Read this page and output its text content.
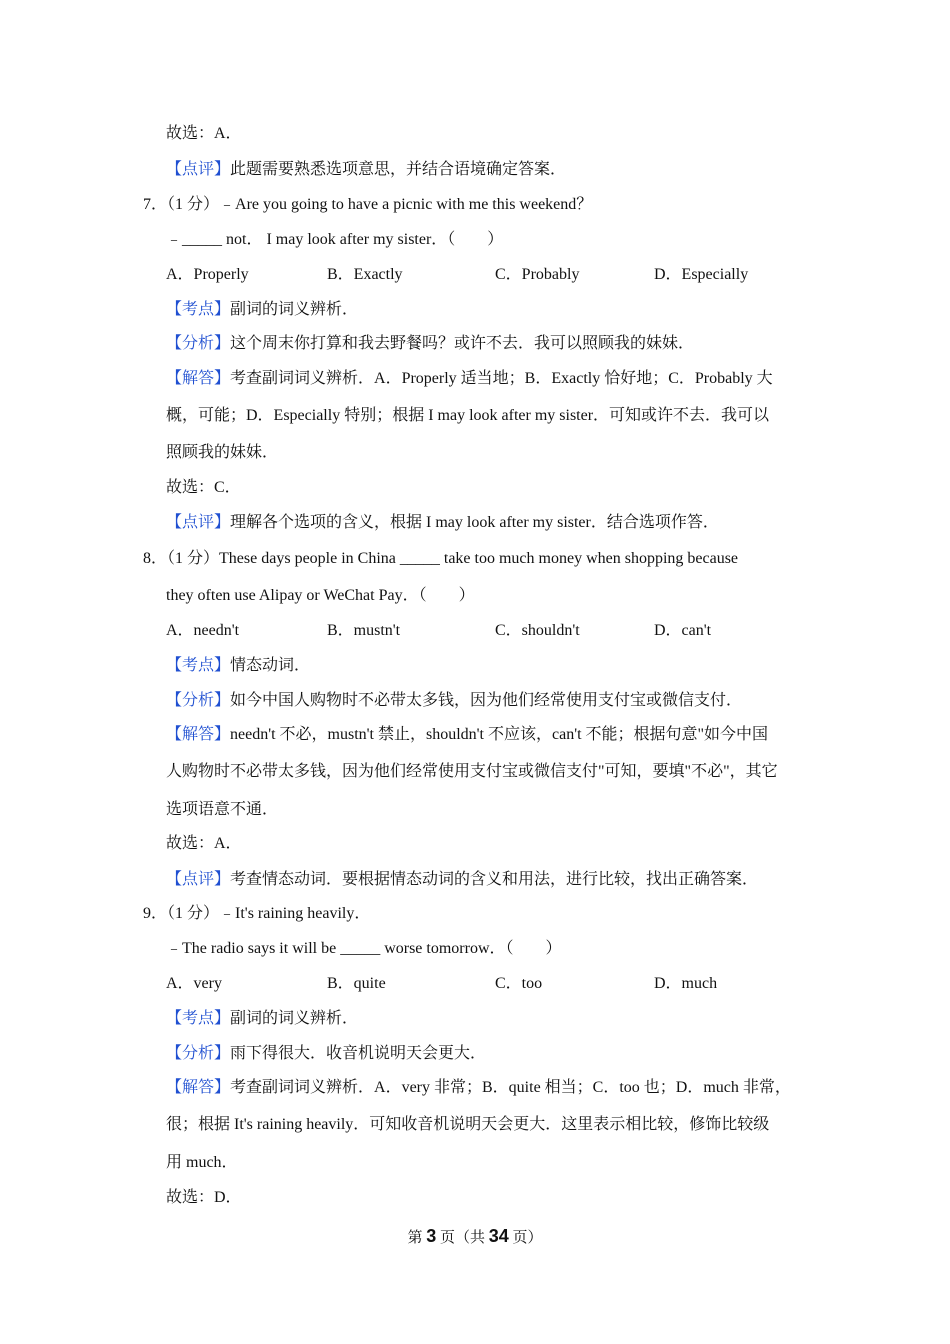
故选：A．
【点评】此题需要熟悉选项意思，并结合语境确定答案．
7．（1 分）﹣Are you going to have a picnic with me this weekend？
﹣_____ not． I may look after my sister．（　　）
A．Properly	B．Exactly	C．Probably	D．Especially
【考点】副词的词义辨析．
【分析】这个周末你打算和我去野餐吗？或许不去．我可以照顾我的妹妹．
【解答】考查副词词义辨析．A．Properly 适当地；B．Exactly 恰好地；C．Probably 大
概，可能；D．Especially 特别；根据 I may look after my sister．可知或许不去．我可以
照顾我的妹妹．
故选：C．
【点评】理解各个选项的含义，根据 I may look after my sister．结合选项作答．
8．（1 分）These days people in China _____ take too much money when shopping because
they often use Alipay or WeChat Pay．（　　）
A．needn't	B．mustn't	C．shouldn't	D．can't
【考点】情态动词．
【分析】如今中国人购物时不必带太多钱，因为他们经常使用支付宝或微信支付．
【解答】needn't 不必，mustn't 禁止，shouldn't 不应该，can't 不能；根据句意"如今中国
人购物时不必带太多钱，因为他们经常使用支付宝或微信支付"可知，要填"不必"，其它
选项语意不通．
故选：A．
【点评】考查情态动词．要根据情态动词的含义和用法，进行比较，找出正确答案．
9．（1 分）﹣It's raining heavily．
﹣The radio says it will be _____ worse tomorrow．（　　）
A．very	B．quite	C．too	D．much
【考点】副词的词义辨析．
【分析】雨下得很大．收音机说明天会更大．
【解答】考查副词词义辨析．A．very 非常；B．quite 相当；C．too 也；D．much 非常，
很；根据 It's raining heavily．可知收音机说明天会更大．这里表示相比较，修饰比较级
用 much．
故选：D．
第 3 页（共 34 页）
